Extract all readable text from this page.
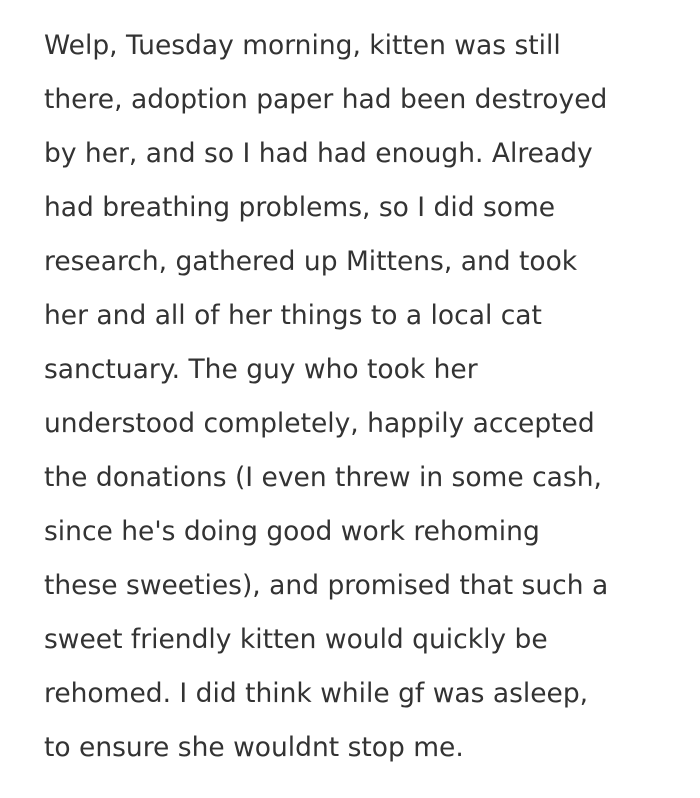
Welp, Tuesday morning, kitten was still
there, adoption paper had been destroyed
by her, and so I had had enough. Already
had breathing problems, so I did some
research, gathered up Mittens, and took
her and all of her things to a local cat
sanctuary. The guy who took her
understood completely, happily accepted
the donations (I even threw in some cash,
since he's doing good work rehoming
these sweeties), and promised that such a
sweet friendly kitten would quickly be
rehomed. I did think while gf was asleep,
to ensure she wouldnt stop me.
